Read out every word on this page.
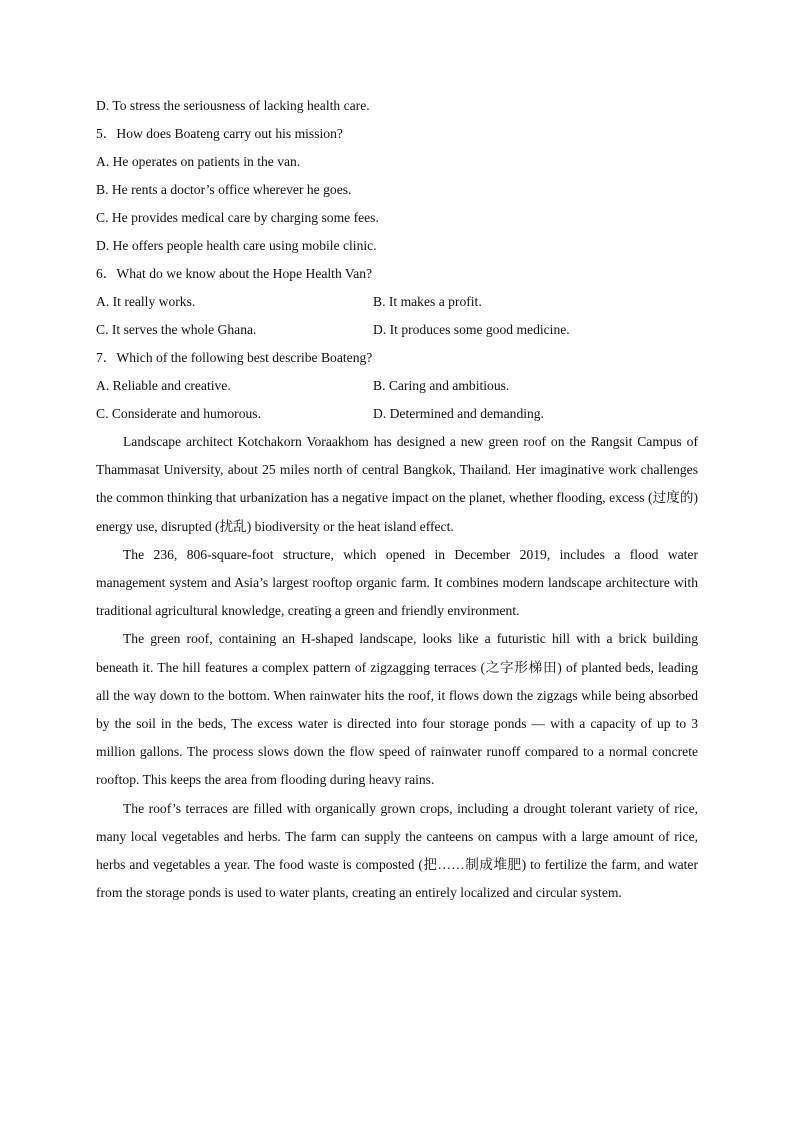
D. To stress the seriousness of lacking health care.

5．How does Boateng carry out his mission?

A. He operates on patients in the van.

B. He rents a doctor’s office wherever he goes.

C. He provides medical care by charging some fees.

D. He offers people health care using mobile clinic.

6．What do we know about the Hope Health Van?

A. It really works.	B. It makes a profit.
C. It serves the whole Ghana.	D. It produces some good medicine.

7．Which of the following best describe Boateng?

A. Reliable and creative.	B. Caring and ambitious.
C. Considerate and humorous.	D. Determined and demanding.

Landscape architect Kotchakorn Voraakhom has designed a new green roof on the Rangsit Campus of Thammasat University, about 25 miles north of central Bangkok, Thailand. Her imaginative work challenges the common thinking that urbanization has a negative impact on the planet, whether flooding, excess (过度的) energy use, disrupted (扰乱) biodiversity or the heat island effect.

The 236, 806-square-foot structure, which opened in December 2019, includes a flood water management system and Asia’s largest rooftop organic farm. It combines modern landscape architecture with traditional agricultural knowledge, creating a green and friendly environment.

The green roof, containing an H-shaped landscape, looks like a futuristic hill with a brick building beneath it. The hill features a complex pattern of zigzagging terraces (之字形梯田) of planted beds, leading all the way down to the bottom. When rainwater hits the roof, it flows down the zigzags while being absorbed by the soil in the beds, The excess water is directed into four storage ponds — with a capacity of up to 3 million gallons. The process slows down the flow speed of rainwater runoff compared to a normal concrete rooftop. This keeps the area from flooding during heavy rains.

The roof’s terraces are filled with organically grown crops, including a drought tolerant variety of rice, many local vegetables and herbs. The farm can supply the canteens on campus with a large amount of rice, herbs and vegetables a year. The food waste is composted (把……制成堆肥) to fertilize the farm, and water from the storage ponds is used to water plants, creating an entirely localized and circular system.
